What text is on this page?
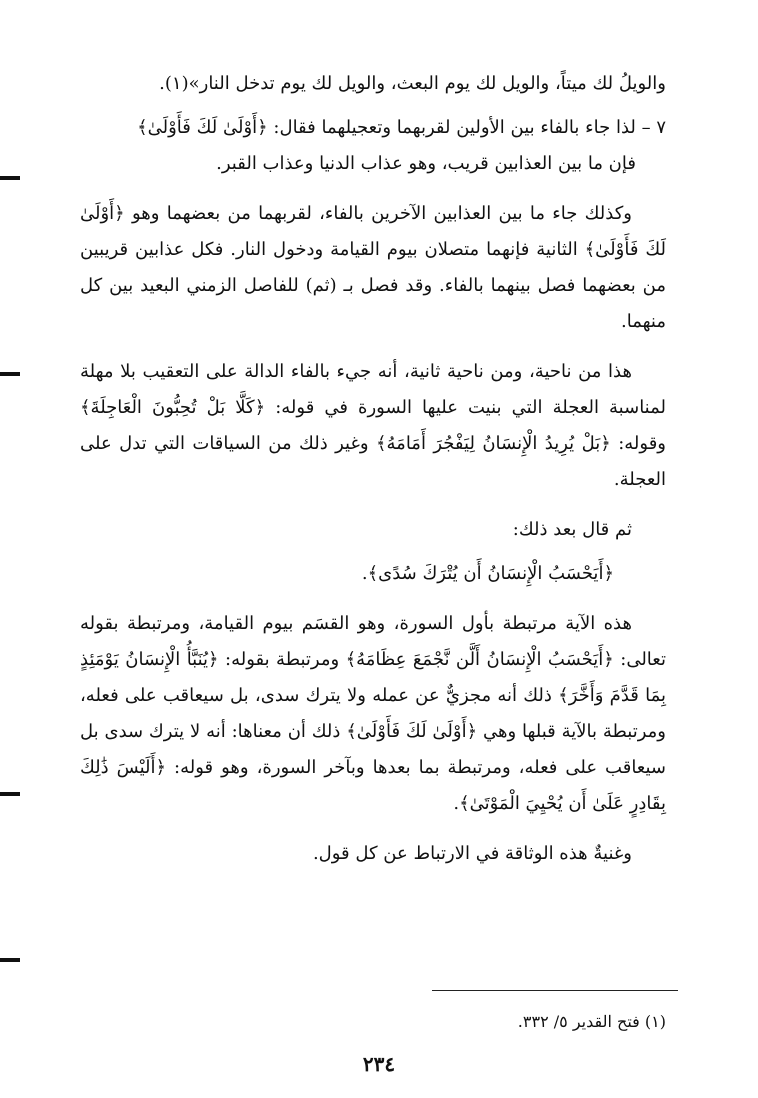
والويلُ لك ميتاً، والويل لك يوم البعث، والويل لك يوم تدخل النار»(١).

٧ – لذا جاء بالفاء بين الأولين لقربهما وتعجيلهما فقال: ﴿أَوْلَىٰ لَكَ فَأَوْلَىٰ﴾

فإن ما بين العذابين قريب، وهو عذاب الدنيا وعذاب القبر.

وكذلك جاء ما بين العذابين الآخرين بالفاء، لقربهما من بعضهما وهو ﴿أَوْلَىٰ لَكَ فَأَوْلَىٰ﴾ الثانية فإنهما متصلان بيوم القيامة ودخول النار. فكل عذابين قريبين من بعضهما فصل بينهما بالفاء. وقد فصل بـ (ثم) للفاصل الزمني البعيد بين كل منهما.

هذا من ناحية، ومن ناحية ثانية، أنه جيء بالفاء الدالة على التعقيب بلا مهلة لمناسبة العجلة التي بنيت عليها السورة في قوله: ﴿كَلَّا بَلْ تُحِبُّونَ الْعَاجِلَةَ﴾ وقوله: ﴿بَلْ يُرِيدُ الْإِنسَانُ لِيَفْجُرَ أَمَامَهُ﴾ وغير ذلك من السياقات التي تدل على العجلة.

ثم قال بعد ذلك:

﴿أَيَحْسَبُ الْإِنسَانُ أَن يُتْرَكَ سُدًى﴾.

هذه الآية مرتبطة بأول السورة، وهو القسَم بيوم القيامة، ومرتبطة بقوله تعالى: ﴿أَيَحْسَبُ الْإِنسَانُ أَلَّن نَّجْمَعَ عِظَامَهُ﴾ ومرتبطة بقوله: ﴿يُنَبَّأُ الْإِنسَانُ يَوْمَئِذٍ بِمَا قَدَّمَ وَأَخَّرَ﴾ ذلك أنه مجزيٌّ عن عمله ولا يترك سدى، بل سيعاقب على فعله، ومرتبطة بالآية قبلها وهي ﴿أَوْلَىٰ لَكَ فَأَوْلَىٰ﴾ ذلك أن معناها: أنه لا يترك سدى بل سيعاقب على فعله، ومرتبطة بما بعدها وبآخر السورة، وهو قوله: ﴿أَلَيْسَ ذَٰلِكَ بِقَادِرٍ عَلَىٰ أَن يُحْيِيَ الْمَوْتَىٰ﴾.

وغنيةٌ هذه الوثاقة في الارتباط عن كل قول.

(١) فتح القدير ٥/ ٣٣٢.
٢٣٤
